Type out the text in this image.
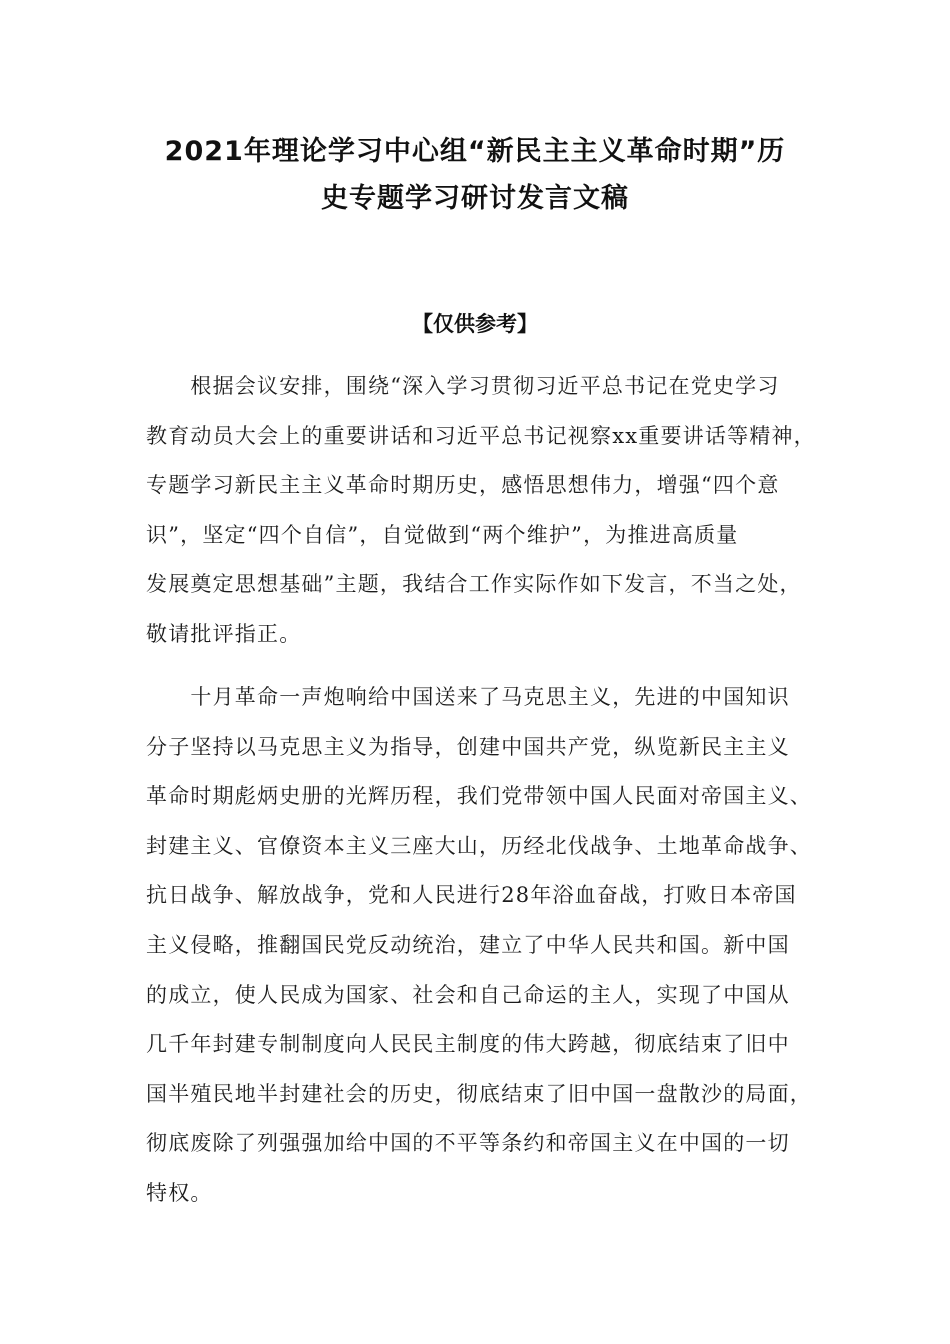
2021年理论学习中心组“新民主主义革命时期”历
史专题学习研讨发言文稿
【仅供参考】
　　根据会议安排，围绕“深入学习贯彻习近平总书记在党史学习
教育动员大会上的重要讲话和习近平总书记视察xx重要讲话等精神，
专题学习新民主主义革命时期历史，感悟思想伟力，增强“四个意
识”，坚定“四个自信”，自觉做到“两个维护”，为推进高质量
发展奠定思想基础”主题，我结合工作实际作如下发言，不当之处，
敬请批评指正。
　　十月革命一声炮响给中国送来了马克思主义，先进的中国知识
分子坚持以马克思主义为指导，创建中国共产党，纵览新民主主义
革命时期彪炳史册的光辉历程，我们党带领中国人民面对帝国主义、
封建主义、官僚资本主义三座大山，历经北伐战争、土地革命战争、
抗日战争、解放战争，党和人民进行28年浴血奋战，打败日本帝国
主义侵略，推翻国民党反动统治，建立了中华人民共和国。新中国
的成立，使人民成为国家、社会和自己命运的主人，实现了中国从
几千年封建专制制度向人民民主制度的伟大跨越，彻底结束了旧中
国半殖民地半封建社会的历史，彻底结束了旧中国一盘散沙的局面，
彻底废除了列强强加给中国的不平等条约和帝国主义在中国的一切
特权。
